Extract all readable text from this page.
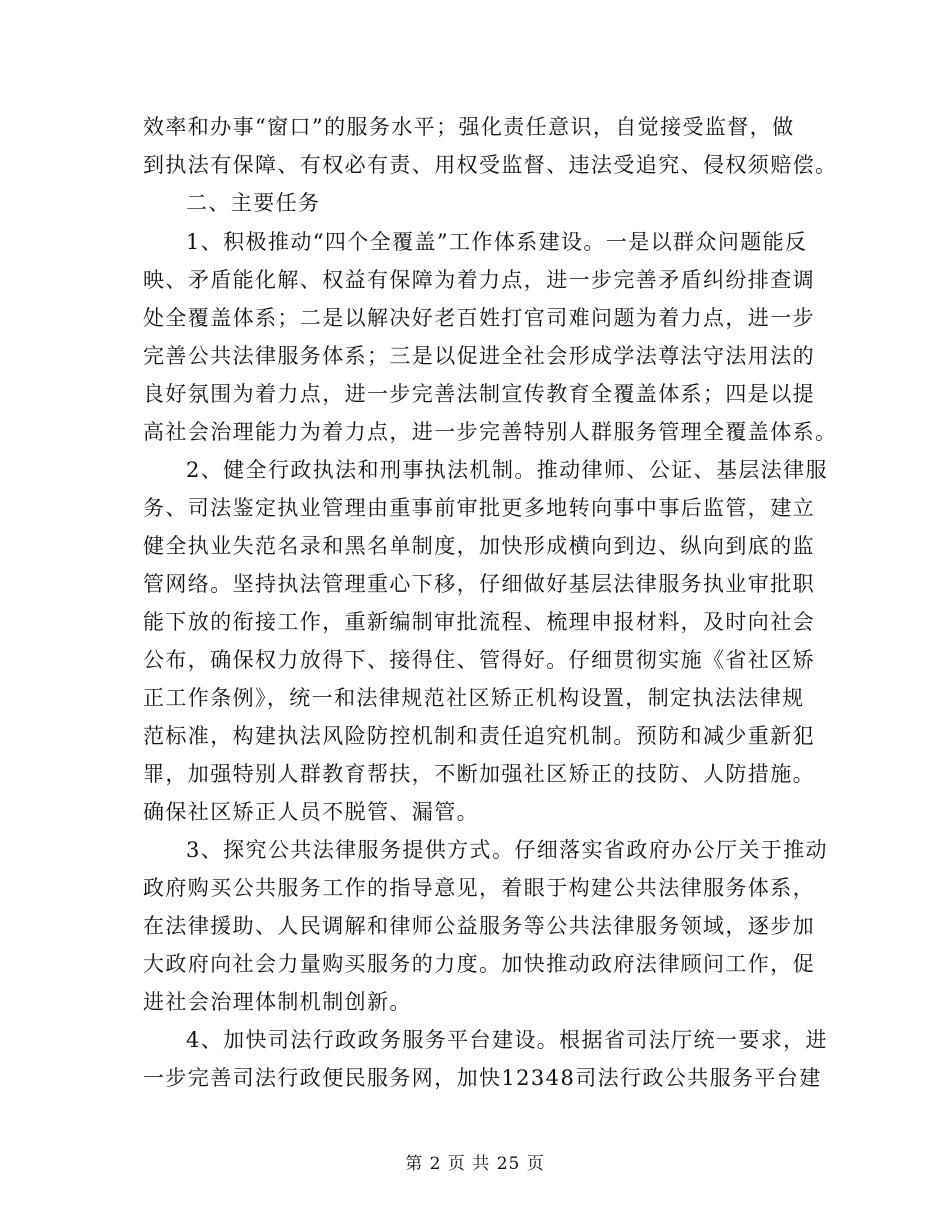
效率和办事“窗口”的服务水平；强化责任意识，自觉接受监督，做
到执法有保障、有权必有责、用权受监督、违法受追究、侵权须赔偿。
二、主要任务
1、积极推动“四个全覆盖”工作体系建设。一是以群众问题能反
映、矛盾能化解、权益有保障为着力点，进一步完善矛盾纠纷排查调
处全覆盖体系；二是以解决好老百姓打官司难问题为着力点，进一步
完善公共法律服务体系；三是以促进全社会形成学法尊法守法用法的
良好氛围为着力点，进一步完善法制宣传教育全覆盖体系；四是以提
高社会治理能力为着力点，进一步完善特别人群服务管理全覆盖体系。
2、健全行政执法和刑事执法机制。推动律师、公证、基层法律服
务、司法鉴定执业管理由重事前审批更多地转向事中事后监管，建立
健全执业失范名录和黑名单制度，加快形成横向到边、纵向到底的监
管网络。坚持执法管理重心下移，仔细做好基层法律服务执业审批职
能下放的衔接工作，重新编制审批流程、梳理申报材料，及时向社会
公布，确保权力放得下、接得住、管得好。仔细贯彻实施《省社区矫
正工作条例》，统一和法律规范社区矫正机构设置，制定执法法律规
范标准，构建执法风险防控机制和责任追究机制。预防和减少重新犯
罪，加强特别人群教育帮扶，不断加强社区矫正的技防、人防措施。
确保社区矫正人员不脱管、漏管。
3、探究公共法律服务提供方式。仔细落实省政府办公厅关于推动
政府购买公共服务工作的指导意见，着眼于构建公共法律服务体系，
在法律援助、人民调解和律师公益服务等公共法律服务领域，逐步加
大政府向社会力量购买服务的力度。加快推动政府法律顾问工作，促
进社会治理体制机制创新。
4、加快司法行政政务服务平台建设。根据省司法厅统一要求，进
一步完善司法行政便民服务网，加快12348司法行政公共服务平台建
第 2 页 共 25 页
